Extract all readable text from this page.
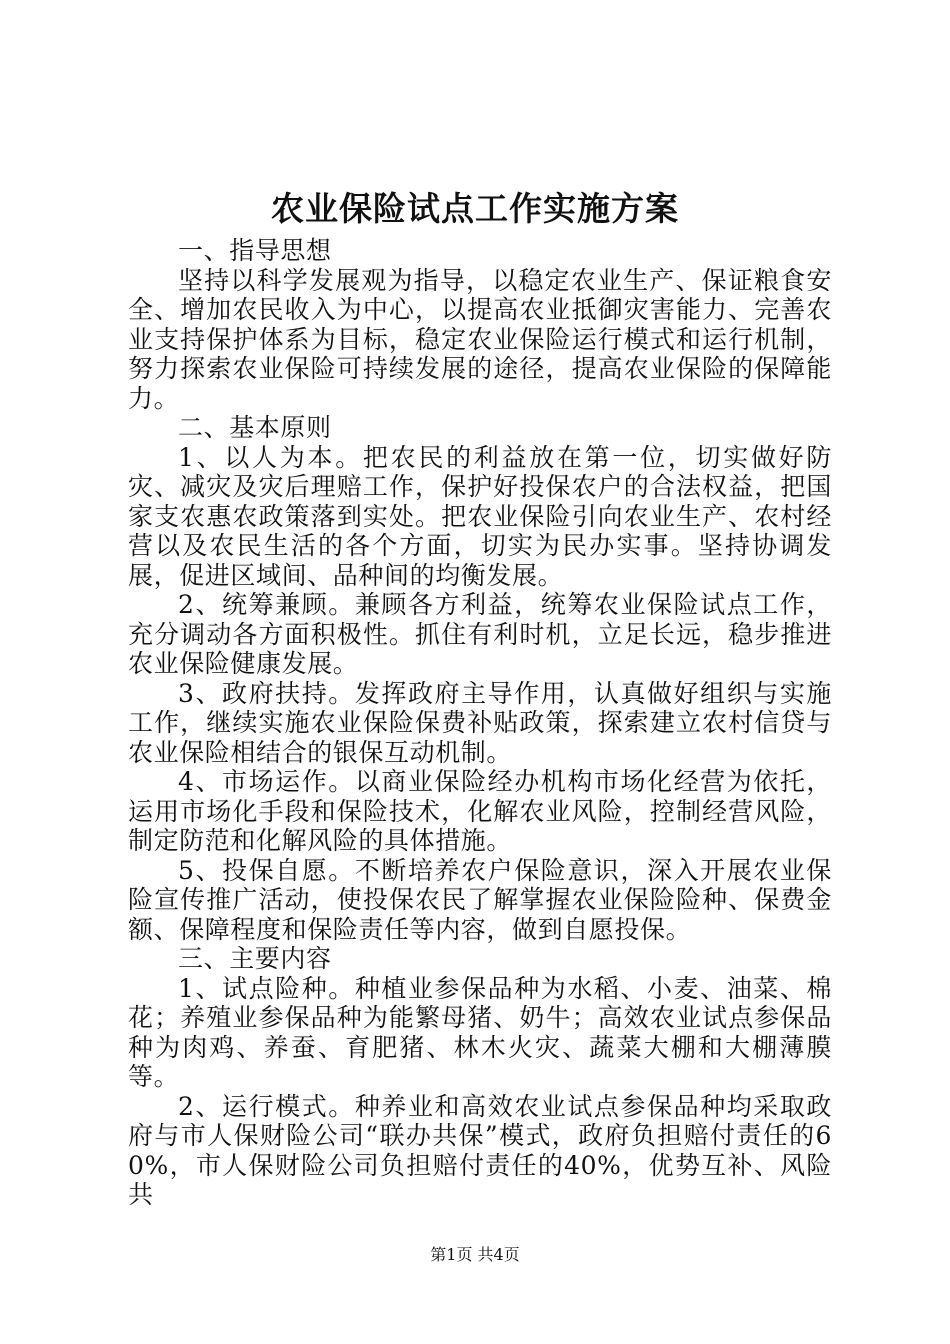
农业保险试点工作实施方案

一、指导思想

坚持以科学发展观为指导，以稳定农业生产、保证粮食安全、增加农民收入为中心，以提高农业抵御灾害能力、完善农业支持保护体系为目标，稳定农业保险运行模式和运行机制，努力探索农业保险可持续发展的途径，提高农业保险的保障能力。

二、基本原则

1、以人为本。把农民的利益放在第一位，切实做好防灾、减灾及灾后理赔工作，保护好投保农户的合法权益，把国家支农惠农政策落到实处。把农业保险引向农业生产、农村经营以及农民生活的各个方面，切实为民办实事。坚持协调发展，促进区域间、品种间的均衡发展。

2、统筹兼顾。兼顾各方利益，统筹农业保险试点工作，充分调动各方面积极性。抓住有利时机，立足长远，稳步推进农业保险健康发展。

3、政府扶持。发挥政府主导作用，认真做好组织与实施工作，继续实施农业保险保费补贴政策，探索建立农村信贷与农业保险相结合的银保互动机制。

4、市场运作。以商业保险经办机构市场化经营为依托，运用市场化手段和保险技术，化解农业风险，控制经营风险，制定防范和化解风险的具体措施。

5、投保自愿。不断培养农户保险意识，深入开展农业保险宣传推广活动，使投保农民了解掌握农业保险险种、保费金额、保障程度和保险责任等内容，做到自愿投保。

三、主要内容

1、试点险种。种植业参保品种为水稻、小麦、油菜、棉花；养殖业参保品种为能繁母猪、奶牛；高效农业试点参保品种为肉鸡、养蚕、育肥猪、林木火灾、蔬菜大棚和大棚薄膜等。

2、运行模式。种养业和高效农业试点参保品种均采取政府与市人保财险公司“联办共保”模式，政府负担赔付责任的60%，市人保财险公司负担赔付责任的40%，优势互补、风险共

第1页 共4页
